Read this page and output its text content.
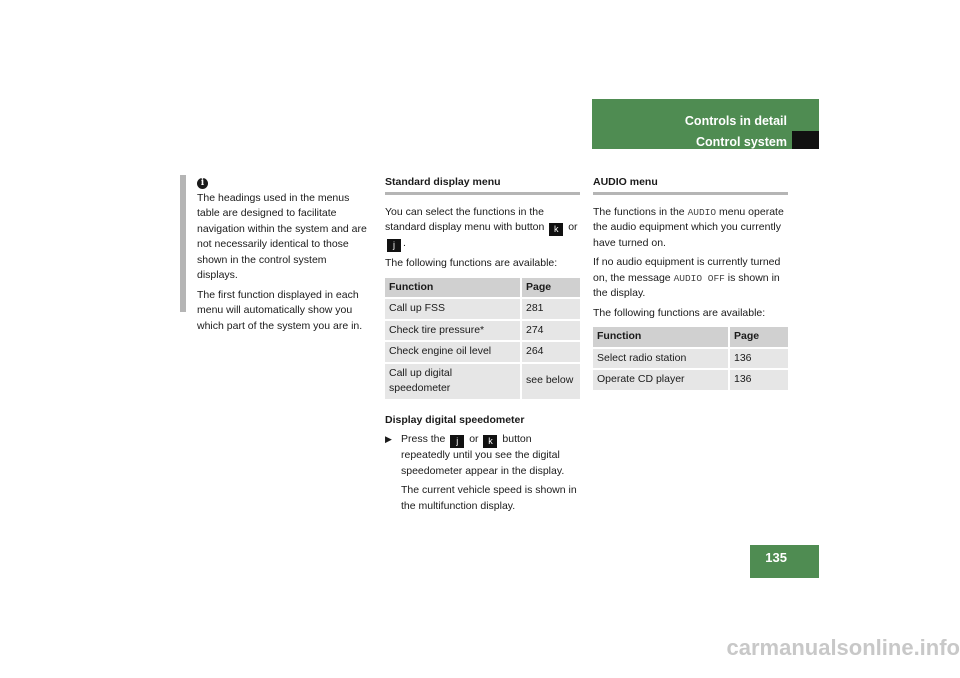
Controls in detail
Control system
i

The headings used in the menus table are designed to facilitate navigation within the system and are not necessarily identical to those shown in the control system displays.

The first function displayed in each menu will automatically show you which part of the system you are in.

Standard display menu

You can select the functions in the standard display menu with button k or j .

The following functions are available:

Function	Page
Call up FSS	281
Check tire pressure*	274
Check engine oil level	264
Call up digital speedometer	see below

Display digital speedometer

▶ Press the j or k button repeatedly until you see the digital speedometer appear in the display.

The current vehicle speed is shown in the multifunction display.

AUDIO menu

The functions in the AUDIO menu operate the audio equipment which you currently have turned on.

If no audio equipment is currently turned on, the message AUDIO OFF is shown in the display.

The following functions are available:

Function	Page
Select radio station	136
Operate CD player	136
135
carmanualsonline.info
